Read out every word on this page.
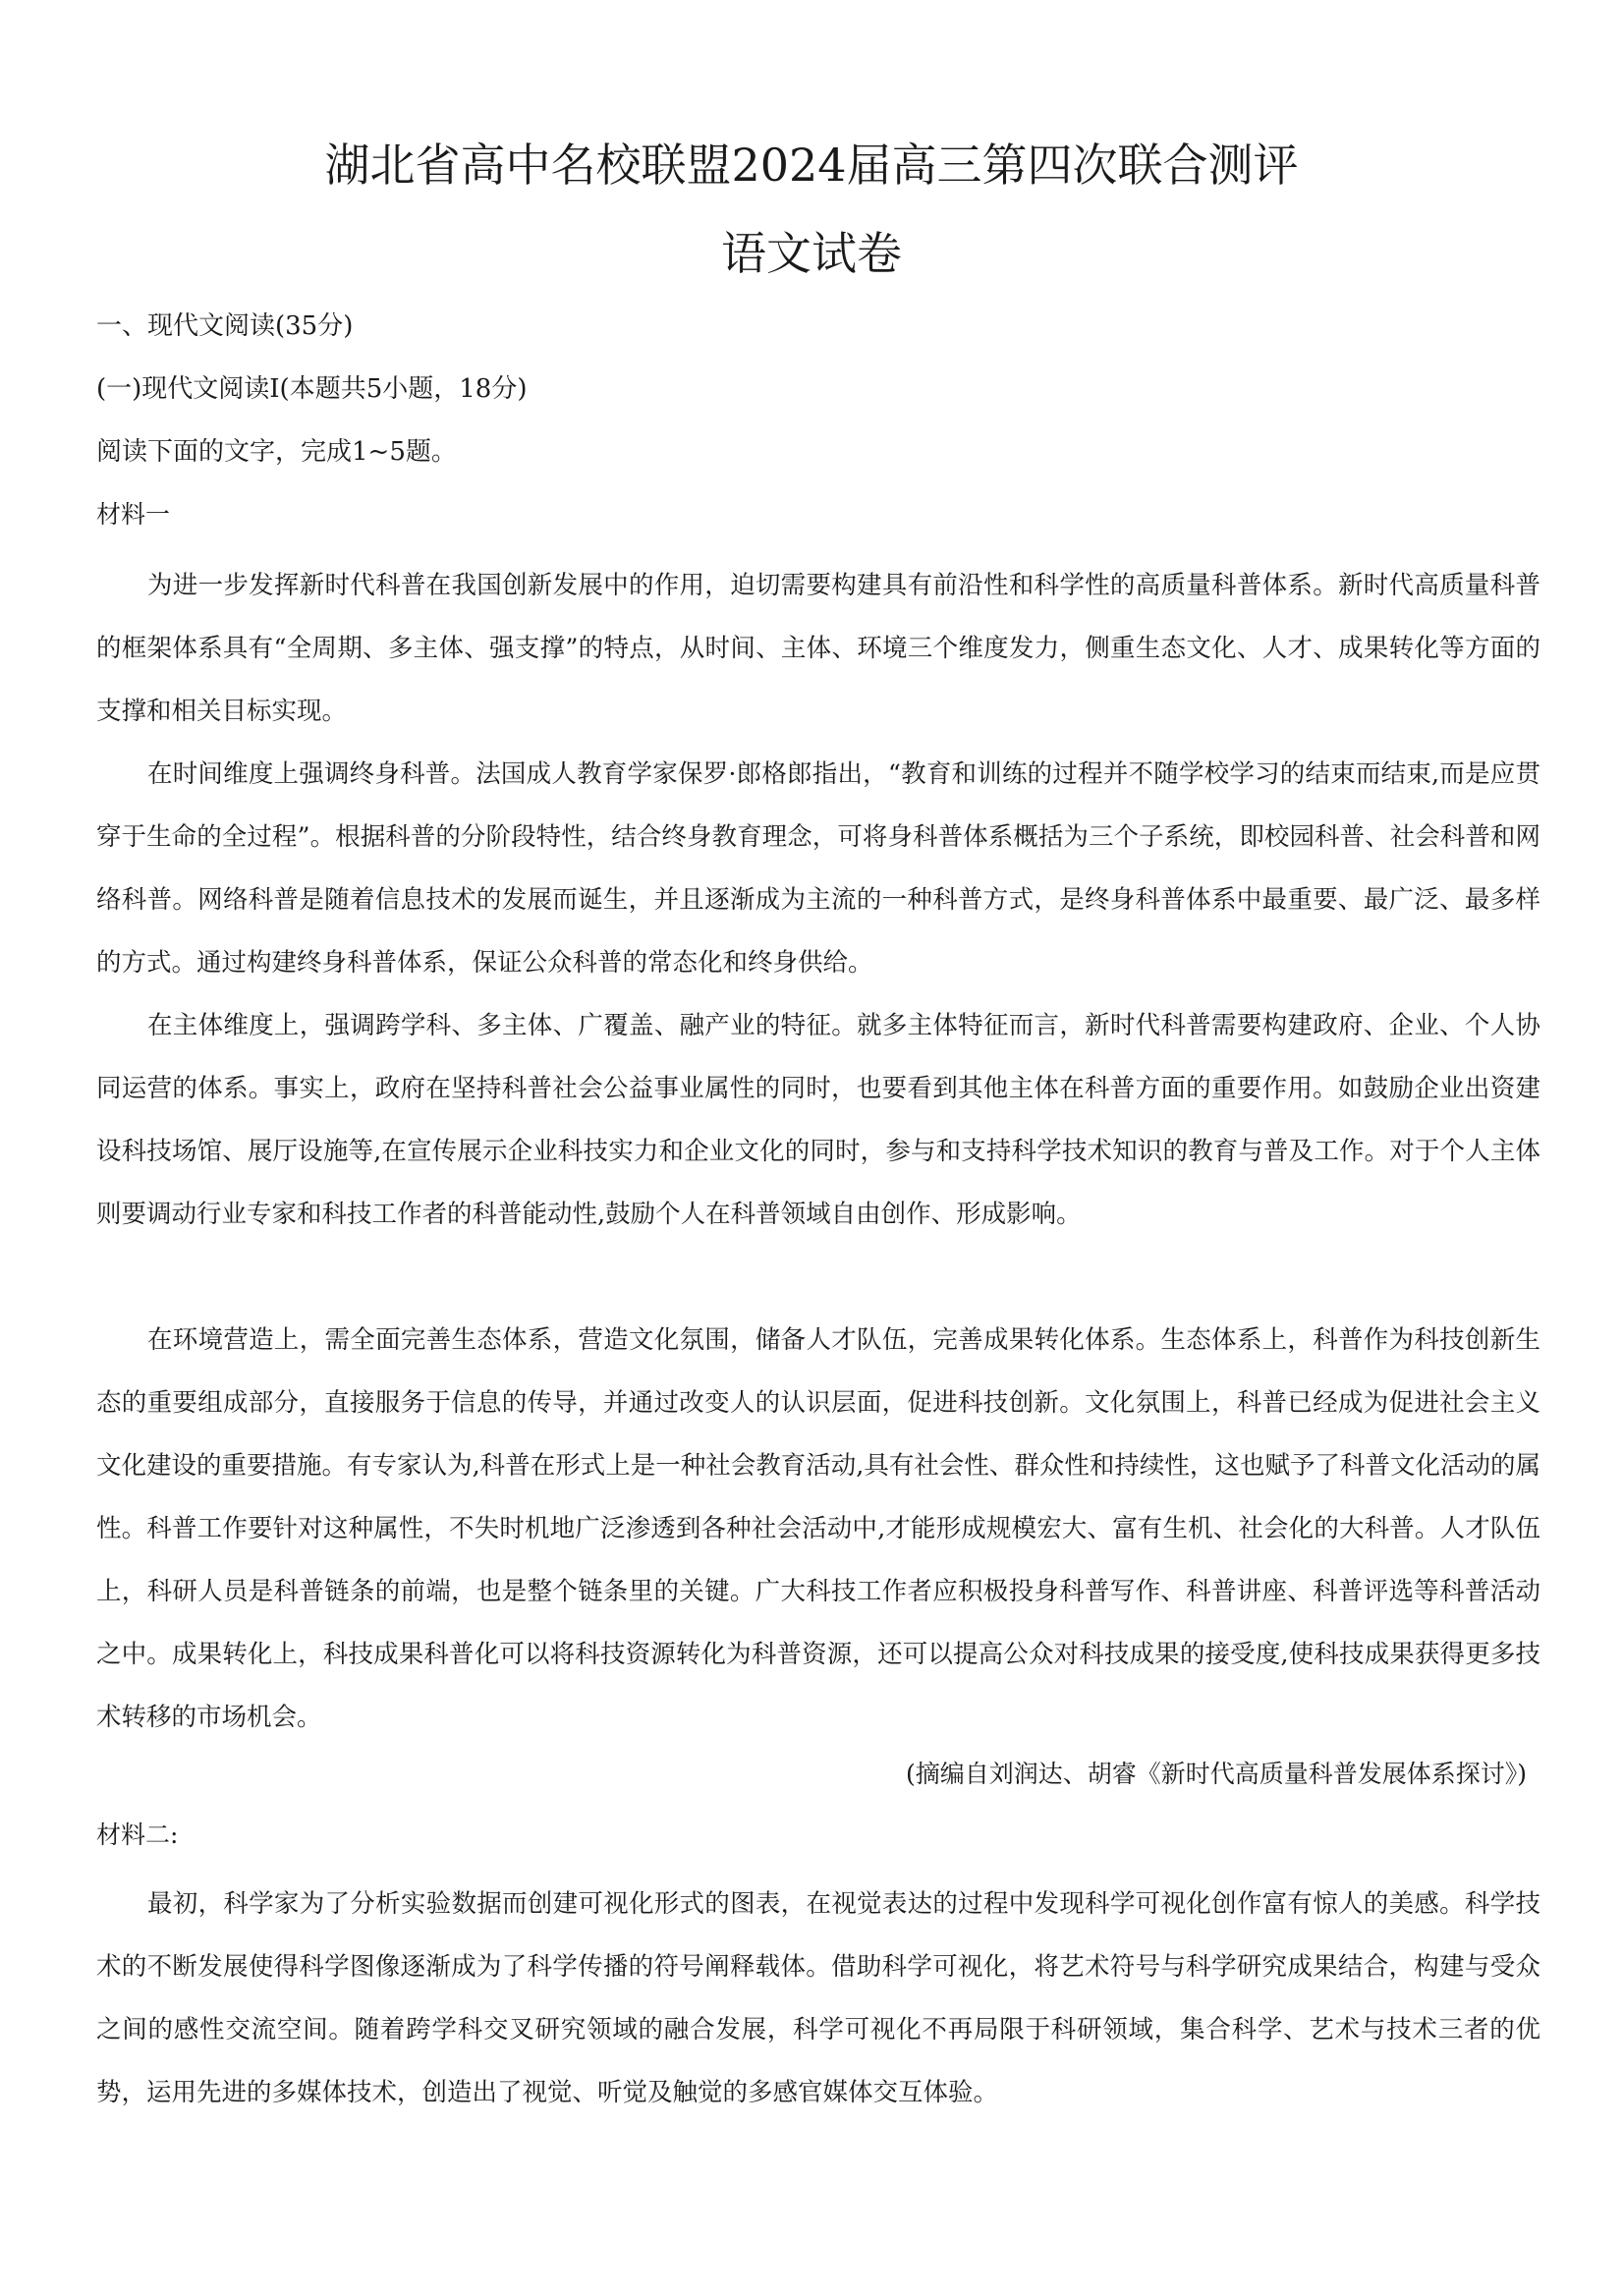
湖北省高中名校联盟2024届高三第四次联合测评
语文试卷
一、现代文阅读(35分)
(一)现代文阅读Ⅰ(本题共5小题，18分)
阅读下面的文字，完成1~5题。
材料一

为进一步发挥新时代科普在我国创新发展中的作用，迫切需要构建具有前沿性和科学性的高质量科普体系。新时代高质量科普的框架体系具有“全周期、多主体、强支撑”的特点，从时间、主体、环境三个维度发力，侧重生态文化、人才、成果转化等方面的支撑和相关目标实现。

在时间维度上强调终身科普。法国成人教育学家保罗·郎格郎指出，“教育和训练的过程并不随学校学习的结束而结束,而是应贯穿于生命的全过程”。根据科普的分阶段特性，结合终身教育理念，可将身科普体系概括为三个子系统，即校园科普、社会科普和网络科普。网络科普是随着信息技术的发展而诞生，并且逐渐成为主流的一种科普方式，是终身科普体系中最重要、最广泛、最多样的方式。通过构建终身科普体系，保证公众科普的常态化和终身供给。

在主体维度上，强调跨学科、多主体、广覆盖、融产业的特征。就多主体特征而言，新时代科普需要构建政府、企业、个人协同运营的体系。事实上，政府在坚持科普社会公益事业属性的同时，也要看到其他主体在科普方面的重要作用。如鼓励企业出资建设科技场馆、展厅设施等,在宣传展示企业科技实力和企业文化的同时，参与和支持科学技术知识的教育与普及工作。对于个人主体则要调动行业专家和科技工作者的科普能动性,鼓励个人在科普领域自由创作、形成影响。

在环境营造上，需全面完善生态体系，营造文化氛围，储备人才队伍，完善成果转化体系。生态体系上，科普作为科技创新生态的重要组成部分，直接服务于信息的传导，并通过改变人的认识层面，促进科技创新。文化氛围上，科普已经成为促进社会主义文化建设的重要措施。有专家认为,科普在形式上是一种社会教育活动,具有社会性、群众性和持续性，这也赋予了科普文化活动的属性。科普工作要针对这种属性，不失时机地广泛渗透到各种社会活动中,才能形成规模宏大、富有生机、社会化的大科普。人才队伍上，科研人员是科普链条的前端，也是整个链条里的关键。广大科技工作者应积极投身科普写作、科普讲座、科普评选等科普活动之中。成果转化上，科技成果科普化可以将科技资源转化为科普资源，还可以提高公众对科技成果的接受度,使科技成果获得更多技术转移的市场机会。

(摘编自刘润达、胡睿《新时代高质量科普发展体系探讨》)
材料二:

最初，科学家为了分析实验数据而创建可视化形式的图表，在视觉表达的过程中发现科学可视化创作富有惊人的美感。科学技术的不断发展使得科学图像逐渐成为了科学传播的符号阐释载体。借助科学可视化，将艺术符号与科学研究成果结合，构建与受众之间的感性交流空间。随着跨学科交叉研究领域的融合发展，科学可视化不再局限于科研领域，集合科学、艺术与技术三者的优势，运用先进的多媒体技术，创造出了视觉、听觉及触觉的多感官媒体交互体验。
